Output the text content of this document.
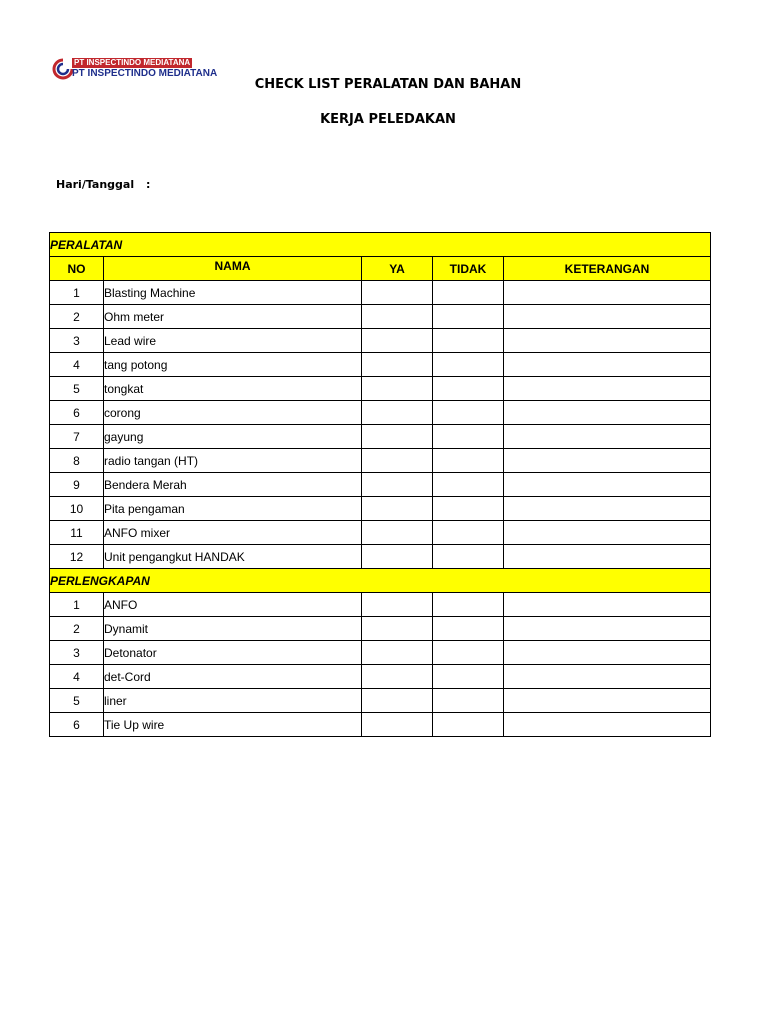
PT INSPECTINDO MEDIATANA
PT INSPECTINDO MEDIATANA
CHECK LIST PERALATAN DAN BAHAN
KERJA PELEDAKAN
Hari/Tanggal :
PERALATAN				
NO	NAMA	YA	TIDAK	KETERANGAN
1	Blasting Machine			
2	Ohm meter			
3	Lead wire			
4	tang potong			
5	tongkat			
6	corong			
7	gayung			
8	radio tangan (HT)			
9	Bendera Merah			
10	Pita pengaman			
11	ANFO mixer			
12	Unit pengangkut HANDAK			
PERLENGKAPAN				
1	ANFO			
2	Dynamit			
3	Detonator			
4	det-Cord			
5	liner			
6	Tie Up wire			
